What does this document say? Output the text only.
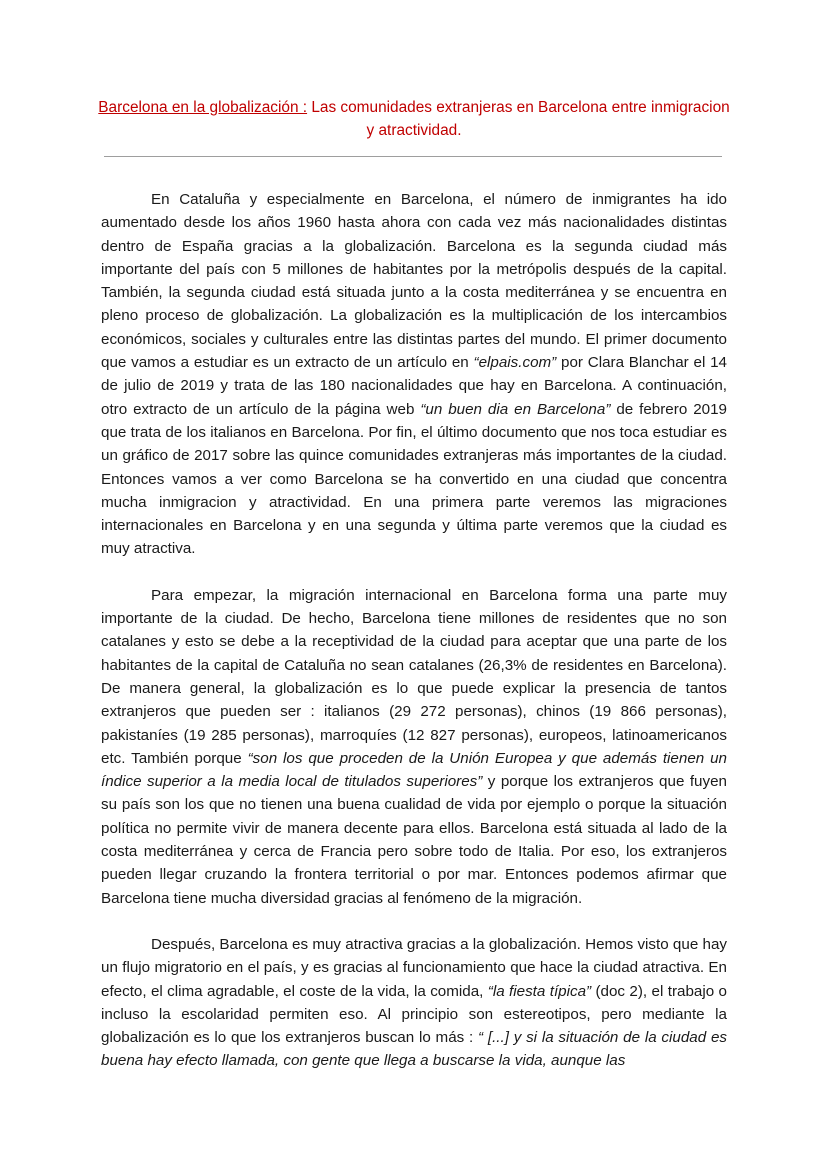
Barcelona en la globalización : Las comunidades extranjeras en Barcelona entre inmigracion y atractividad.

En Cataluña y especialmente en Barcelona, el número de inmigrantes ha ido aumentado desde los años 1960 hasta ahora con cada vez más nacionalidades distintas dentro de España gracias a la globalización. Barcelona es la segunda ciudad más importante del país con 5 millones de habitantes por la metrópolis después de la capital. También, la segunda ciudad está situada junto a la costa mediterránea y se encuentra en pleno proceso de globalización. La globalización es la multiplicación de los intercambios económicos, sociales y culturales entre las distintas partes del mundo. El primer documento que vamos a estudiar es un extracto de un artículo en “elpais.com” por Clara Blanchar el 14 de julio de 2019 y trata de las 180 nacionalidades que hay en Barcelona. A continuación, otro extracto de un artículo de la página web “un buen dia en Barcelona” de febrero 2019 que trata de los italianos en Barcelona. Por fin, el último documento que nos toca estudiar es un gráfico de 2017 sobre las quince comunidades extranjeras más importantes de la ciudad. Entonces vamos a ver como Barcelona se ha convertido en una ciudad que concentra mucha inmigracion y atractividad. En una primera parte veremos las migraciones internacionales en Barcelona y en una segunda y última parte veremos que la ciudad es muy atractiva.

Para empezar, la migración internacional en Barcelona forma una parte muy importante de la ciudad. De hecho, Barcelona tiene millones de residentes que no son catalanes y esto se debe a la receptividad de la ciudad para aceptar que una parte de los habitantes de la capital de Cataluña no sean catalanes (26,3% de residentes en Barcelona). De manera general, la globalización es lo que puede explicar la presencia de tantos extranjeros que pueden ser : italianos (29 272 personas), chinos (19 866 personas), pakistaníes (19 285 personas), marroquíes (12 827 personas), europeos, latinoamericanos etc. También porque “son los que proceden de la Unión Europea y que además tienen un índice superior a la media local de titulados superiores” y porque los extranjeros que fuyen su país son los que no tienen una buena cualidad de vida por ejemplo o porque la situación política no permite vivir de manera decente para ellos. Barcelona está situada al lado de la costa mediterránea y cerca de Francia pero sobre todo de Italia. Por eso, los extranjeros pueden llegar cruzando la frontera territorial o por mar. Entonces podemos afirmar que Barcelona tiene mucha diversidad gracias al fenómeno de la migración.

Después, Barcelona es muy atractiva gracias a la globalización. Hemos visto que hay un flujo migratorio en el país, y es gracias al funcionamiento que hace la ciudad atractiva. En efecto, el clima agradable, el coste de la vida, la comida, “la fiesta típica” (doc 2), el trabajo o incluso la escolaridad permiten eso. Al principio son estereotipos, pero mediante la globalización es lo que los extranjeros buscan lo más : “ [...] y si la situación de la ciudad es buena hay efecto llamada, con gente que llega a buscarse la vida, aunque las
